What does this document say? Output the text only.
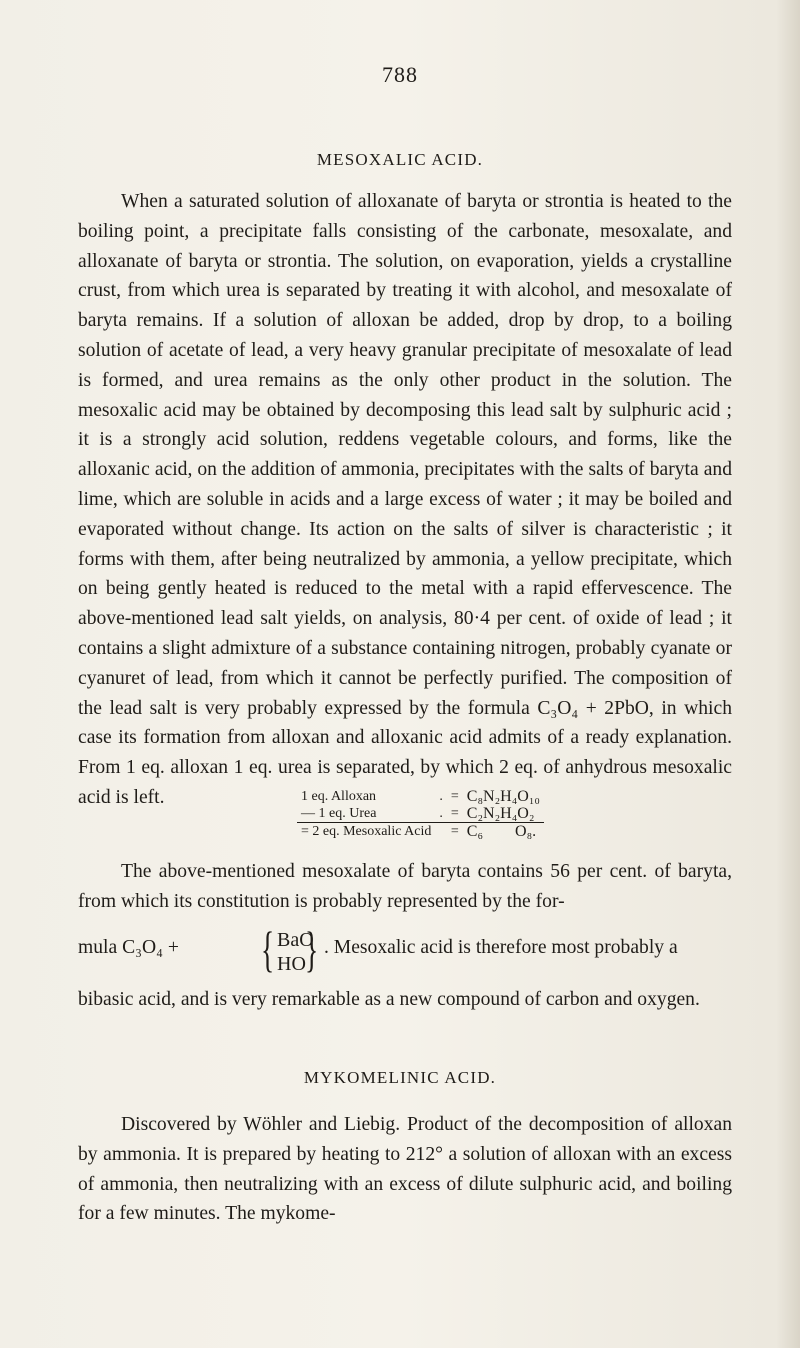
788
MESOXALIC ACID.

When a saturated solution of alloxanate of baryta or strontia is heated to the boiling point, a precipitate falls consisting of the carbonate, mesoxalate, and alloxanate of baryta or strontia. The solution, on evaporation, yields a crystalline crust, from which urea is separated by treating it with alcohol, and mesoxalate of baryta remains. If a solution of alloxan be added, drop by drop, to a boiling solution of acetate of lead, a very heavy granular precipitate of mesoxalate of lead is formed, and urea remains as the only other product in the solution. The mesoxalic acid may be obtained by decomposing this lead salt by sulphuric acid ; it is a strongly acid solution, reddens vegetable colours, and forms, like the alloxanic acid, on the addition of ammonia, precipitates with the salts of baryta and lime, which are soluble in acids and a large excess of water ; it may be boiled and evaporated without change. Its action on the salts of silver is characteristic ; it forms with them, after being neutralized by ammonia, a yellow precipitate, which on being gently heated is reduced to the metal with a rapid effervescence. The above-mentioned lead salt yields, on analysis, 80·4 per cent. of oxide of lead ; it contains a slight admixture of a substance containing nitrogen, probably cyanate or cyanuret of lead, from which it cannot be perfectly purified. The composition of the lead salt is very probably expressed by the formula C₃O₄ + 2PbO, in which case its formation from alloxan and alloxanic acid admits of a ready explanation. From 1 eq. alloxan 1 eq. urea is separated, by which 2 eq. of anhydrous mesoxalic acid is left.	1 eq. Alloxan	.	=	C₈N₂H₄O₁₀
— 1 eq. Urea	.	=	C₂N₂H₄O₂
= 2 eq. Mesoxalic Acid		=	C₆        O₈.

The above-mentioned mesoxalate of baryta contains 56 per cent. of baryta, from which its constitution is probably represented by the for-

mula C₃O₄ + { BaO
HO } . Mesoxalic acid is therefore most probably a

bibasic acid, and is very remarkable as a new compound of carbon and oxygen.

MYKOMELINIC ACID.

Discovered by Wöhler and Liebig. Product of the decomposition of alloxan by ammonia. It is prepared by heating to 212° a solution of alloxan with an excess of ammonia, then neutralizing with an excess of dilute sulphuric acid, and boiling for a few minutes. The mykome-
